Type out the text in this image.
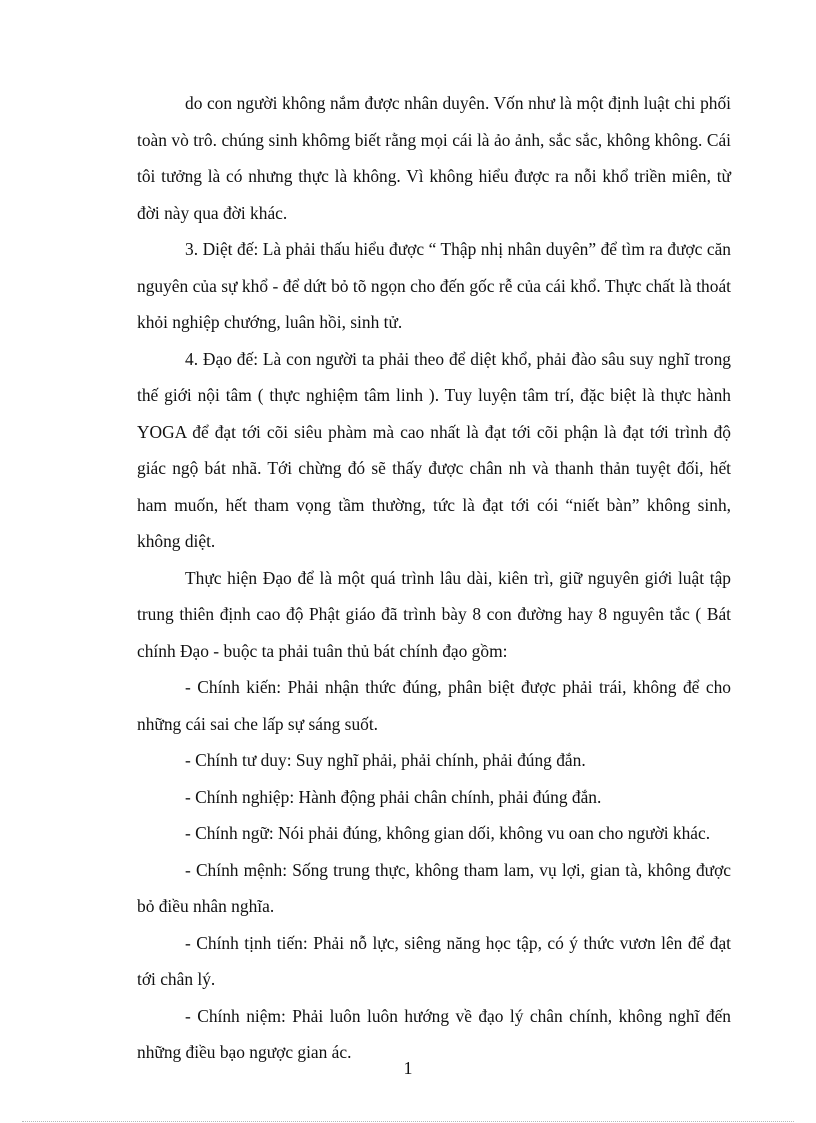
do con người không nắm được nhân duyên. Vốn như là một định luật chi phối toàn vò trô. chúng sinh khômg biết rằng mọi cái là ảo ảnh, sắc sắc, không không. Cái tôi tưởng là có nhưng thực là không. Vì không hiểu được ra nỗi khổ triền miên, từ đời này qua đời khác.

3. Diệt đế: Là phải thấu hiểu được “ Thập nhị nhân duyên” để tìm ra được căn nguyên của sự khổ - để dứt bỏ tõ ngọn cho đến gốc rễ của cái khổ. Thực chất là thoát khỏi nghiệp chướng, luân hồi, sinh tử.

4. Đạo đế: Là con người ta phải theo để diệt khổ, phải đào sâu suy nghĩ trong thế giới nội tâm ( thực nghiệm tâm linh ). Tuy luyện tâm trí, đặc biệt là thực hành YOGA để đạt tới cõi siêu phàm mà cao nhất là đạt tới cõi phận là đạt tới trình độ giác ngộ bát nhã. Tới chừng đó sẽ thấy được chân nh và thanh thản tuyệt đối, hết ham muốn, hết tham vọng tầm thường, tức là đạt tới cói “niết bàn” không sinh, không diệt.

Thực hiện Đạo để là một quá trình lâu dài, kiên trì, giữ nguyên giới luật tập trung thiên định cao độ Phật giáo đã trình bày 8 con đường hay 8 nguyên tắc ( Bát chính Đạo - buộc ta phải tuân thủ bát chính đạo gồm:

- Chính kiến: Phải nhận thức đúng, phân biệt được phải trái, không để cho những cái sai che lấp sự sáng suốt.

- Chính tư duy: Suy nghĩ phải, phải chính, phải đúng đắn.

- Chính nghiệp: Hành động phải chân chính, phải đúng đắn.

- Chính ngữ: Nói phải đúng, không gian dối, không vu oan cho người khác.

- Chính mệnh: Sống trung thực, không tham lam, vụ lợi, gian tà, không được bỏ điều nhân nghĩa.

- Chính tịnh tiến: Phải nỗ lực, siêng năng học tập, có ý thức vươn lên để đạt tới chân lý.

- Chính niệm: Phải luôn luôn hướng về đạo lý chân chính, không nghĩ đến những điều bạo ngược gian ác.

1
